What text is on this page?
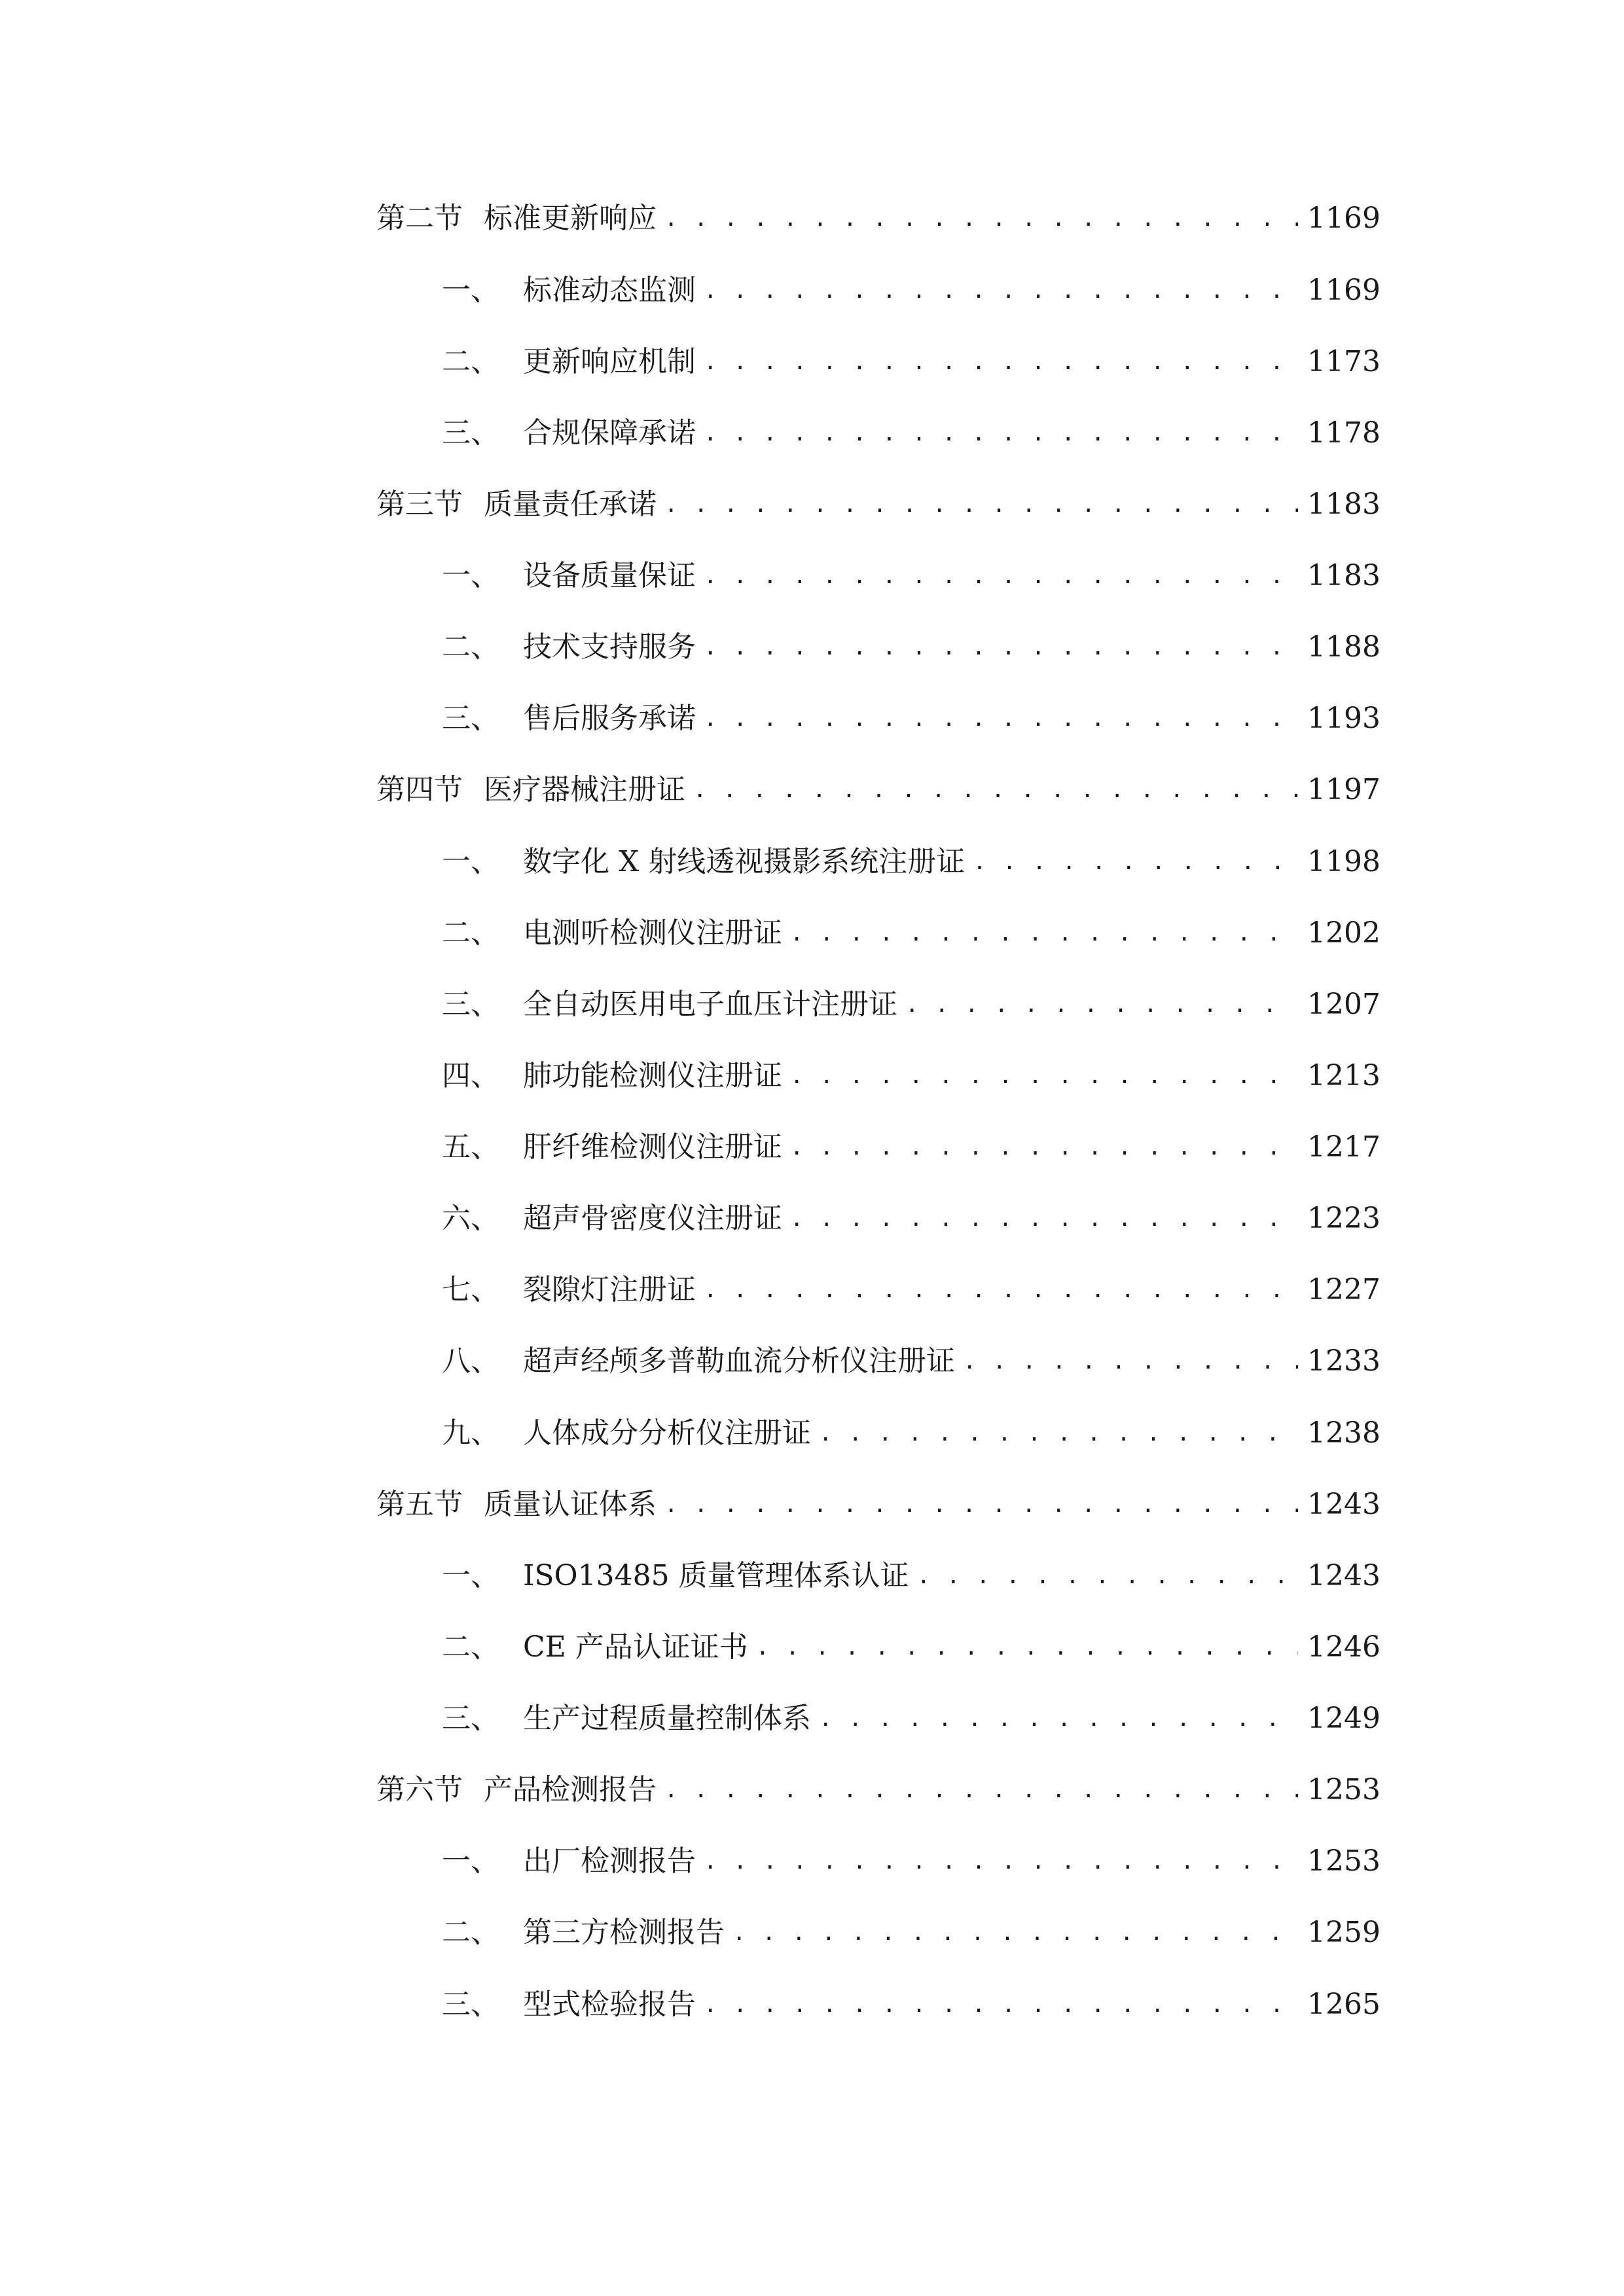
第二节 标准更新响应 . . .	1169
一、 标准动态监测 . . .	1169
二、 更新响应机制 . . .	1173
三、 合规保障承诺 . . .	1178
第三节 质量责任承诺 . . .	1183
一、 设备质量保证 . . .	1183
二、 技术支持服务 . . .	1188
三、 售后服务承诺 . . .	1193
第四节 医疗器械注册证 . . .	1197
一、 数字化 X 射线透视摄影系统注册证 . . .	1198
二、 电测听检测仪注册证 . . .	1202
三、 全自动医用电子血压计注册证 . . .	1207
四、 肺功能检测仪注册证 . . .	1213
五、 肝纤维检测仪注册证 . . .	1217
六、 超声骨密度仪注册证 . . .	1223
七、 裂隙灯注册证 . . .	1227
八、 超声经颅多普勒血流分析仪注册证 . . .	1233
九、 人体成分分析仪注册证 . . .	1238
第五节 质量认证体系 . . .	1243
一、 ISO13485 质量管理体系认证 . . .	1243
二、 CE 产品认证证书 . . .	1246
三、 生产过程质量控制体系 . . .	1249
第六节 产品检测报告 . . .	1253
一、 出厂检测报告 . . .	1253
二、 第三方检测报告 . . .	1259
三、 型式检验报告 . . .	1265
